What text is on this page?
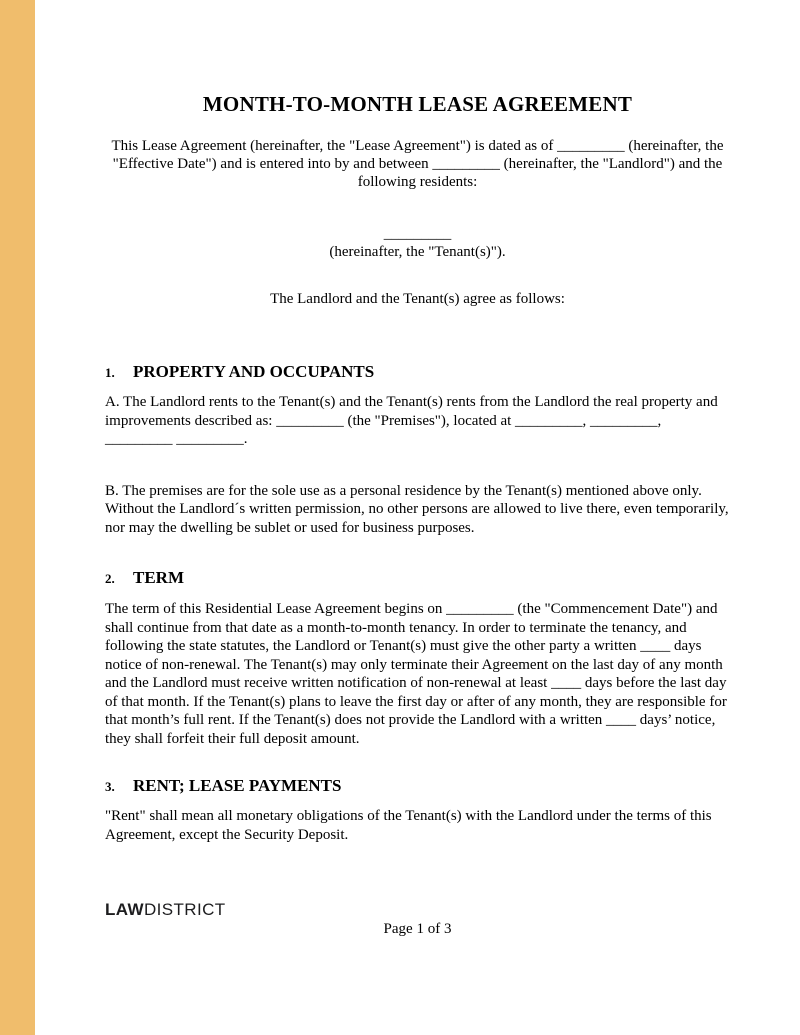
MONTH-TO-MONTH LEASE AGREEMENT

This Lease Agreement (hereinafter, the "Lease Agreement") is dated as of _________ (hereinafter, the "Effective Date") and is entered into by and between _________ (hereinafter, the "Landlord") and the following residents:

_________
(hereinafter, the "Tenant(s)").

The Landlord and the Tenant(s) agree as follows:

1. PROPERTY AND OCCUPANTS

A. The Landlord rents to the Tenant(s) and the Tenant(s) rents from the Landlord the real property and improvements described as: _________ (the "Premises"), located at _________, _________, _________ _________.

B. The premises are for the sole use as a personal residence by the Tenant(s) mentioned above only. Without the Landlord´s written permission, no other persons are allowed to live there, even temporarily, nor may the dwelling be sublet or used for business purposes.

2. TERM

The term of this Residential Lease Agreement begins on _________ (the "Commencement Date") and shall continue from that date as a month-to-month tenancy. In order to terminate the tenancy, and following the state statutes, the Landlord or Tenant(s) must give the other party a written ____ days notice of non-renewal. The Tenant(s) may only terminate their Agreement on the last day of any month and the Landlord must receive written notification of non-renewal at least ____ days before the last day of that month. If the Tenant(s) plans to leave the first day or after of any month, they are responsible for that month’s full rent. If the Tenant(s) does not provide the Landlord with a written ____ days’ notice, they shall forfeit their full deposit amount.

3. RENT; LEASE PAYMENTS

"Rent" shall mean all monetary obligations of the Tenant(s) with the Landlord under the terms of this Agreement, except the Security Deposit.

LAWDISTRICT
Page 1 of 3
